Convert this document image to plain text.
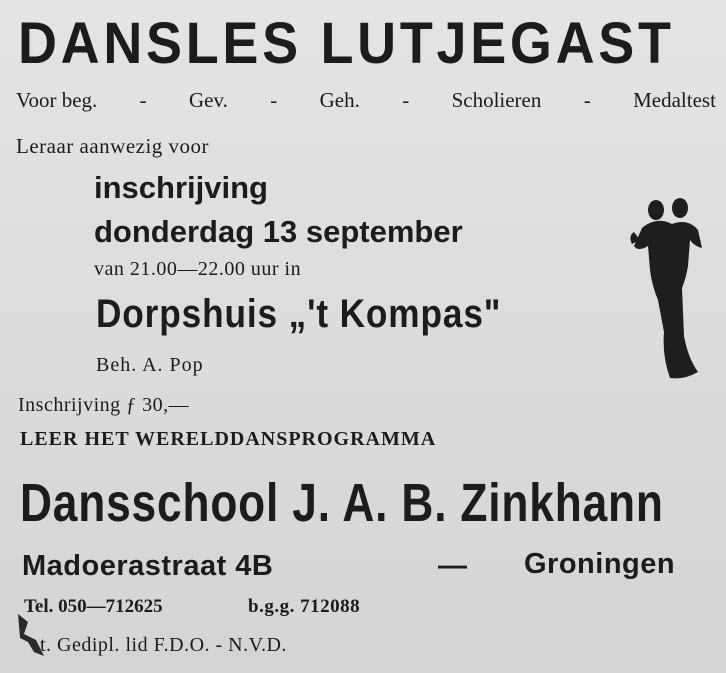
DANSLES LUTJEGAST
Voor beg. - Gev. - Geh. - Scholieren - Medaltest
Leraar aanwezig voor
inschrijving
donderdag 13 september
van 21.00—22.00 uur in
Dorpshuis „'t Kompas"
Beh. A. Pop
Inschrijving ƒ 30,—
LEER HET WERELDDANSPROGRAMMA
Dansschool J. A. B. Zinkhann
Madoerastraat 4B	— Groningen
Tel. 050—712625	b.g.g. 712088
t. Gedipl. lid F.D.O. - N.V.D.
